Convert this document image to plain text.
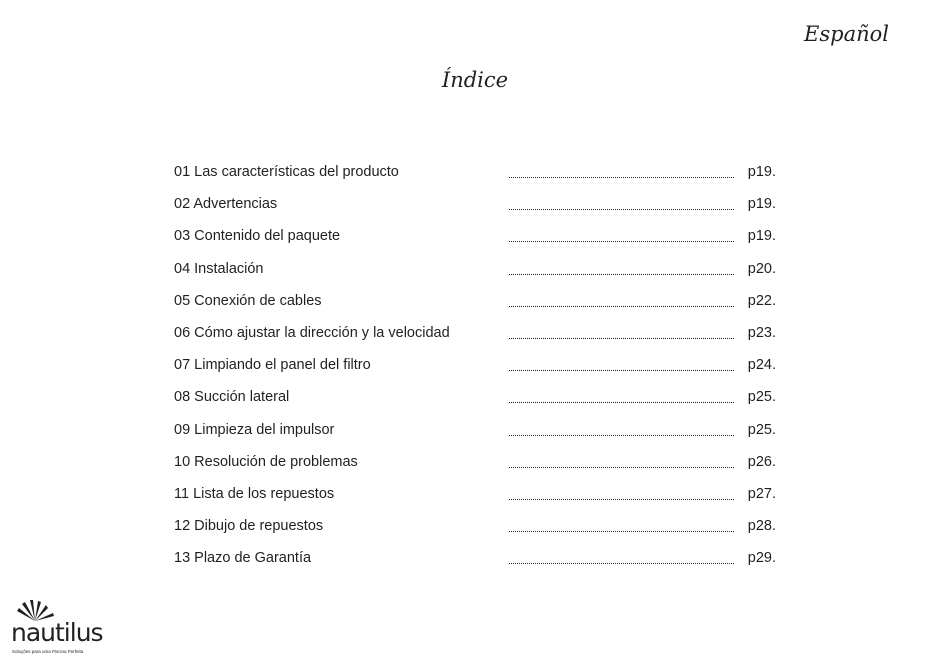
Español
Índice
01 Las características del producto	p19.
02 Advertencias	p19.
03 Contenido del paquete	p19.
04 Instalación	p20.
05 Conexión de cables	p22.
06 Cómo ajustar la dirección y la velocidad	p23.
07 Limpiando el panel del filtro	p24.
08 Succión lateral	p25.
09 Limpieza del impulsor	p25.
10 Resolución de problemas	p26.
11 Lista de los repuestos	p27.
12 Dibujo de repuestos	p28.
13 Plazo de Garantía	p29.
nautilus
Soluções para uma Piscina Perfeita
